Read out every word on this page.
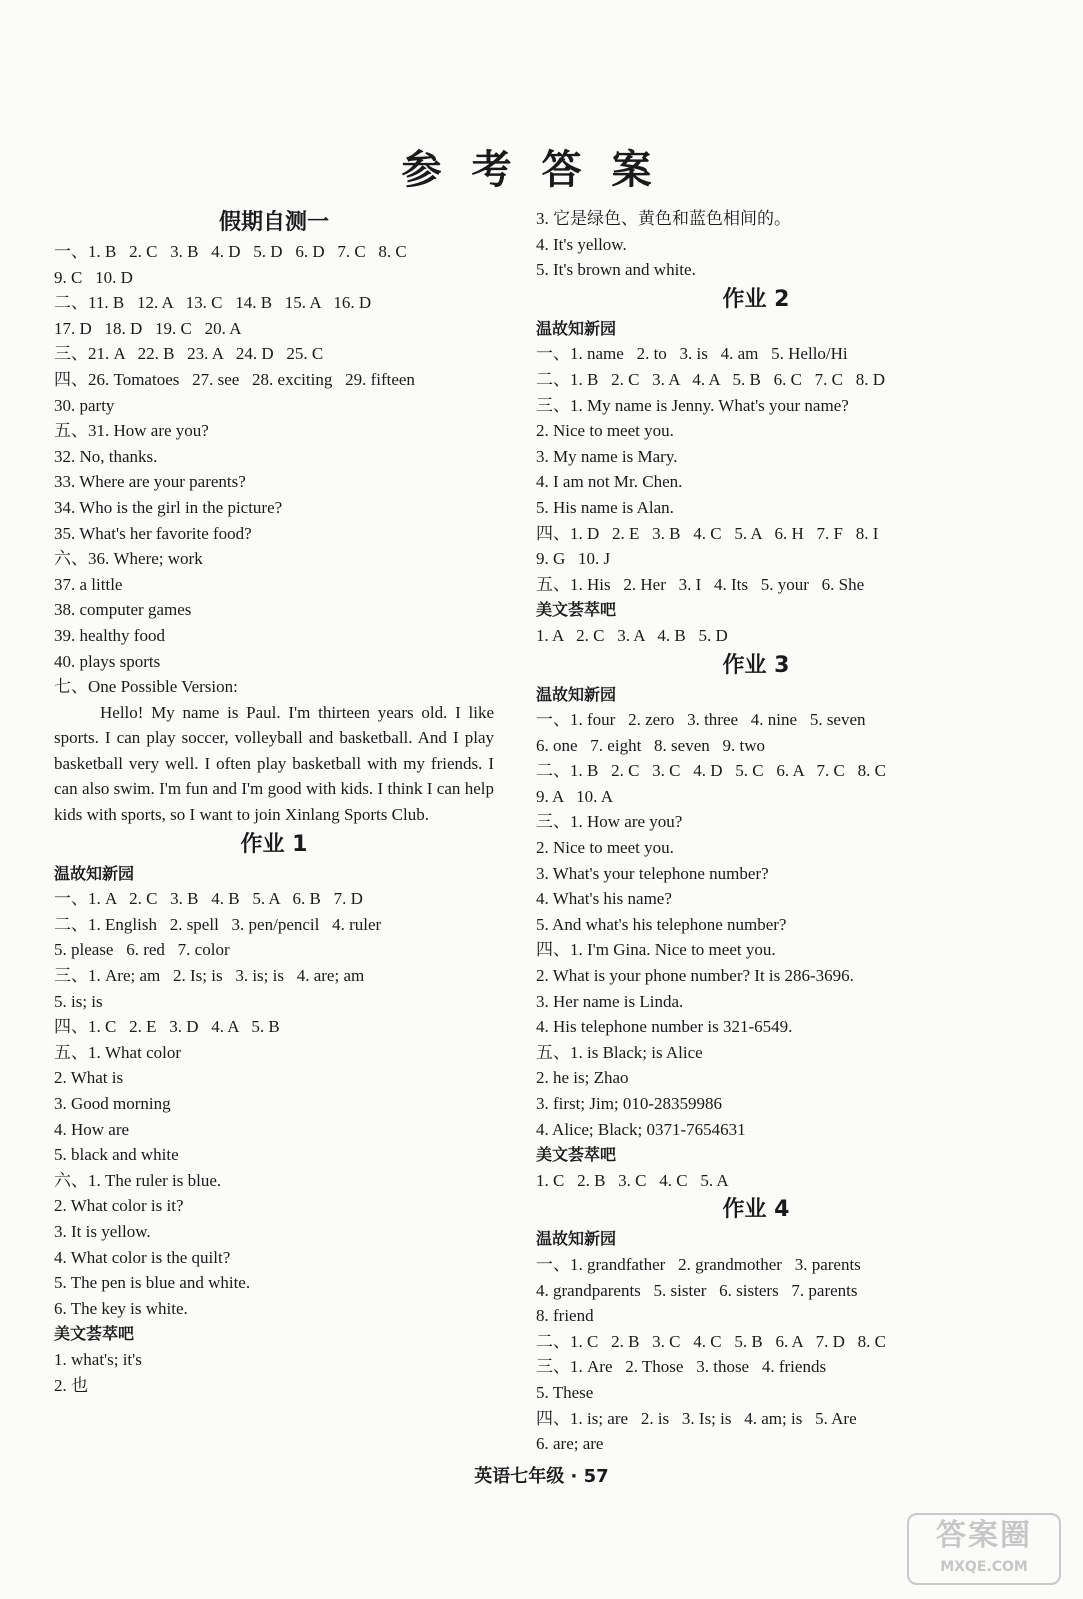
参考答案
假期自测一
一、1. B   2. C   3. B   4. D   5. D   6. D   7. C   8. C
9. C   10. D
二、11. B   12. A   13. C   14. B   15. A   16. D
17. D   18. D   19. C   20. A
三、21. A   22. B   23. A   24. D   25. C
四、26. Tomatoes   27. see   28. exciting   29. fifteen
30. party
五、31. How are you?
32. No, thanks.
33. Where are your parents?
34. Who is the girl in the picture?
35. What's her favorite food?
六、36. Where; work
37. a little
38. computer games
39. healthy food
40. plays sports
七、One Possible Version:
Hello! My name is Paul. I'm thirteen years old. I like sports. I can play soccer, volleyball and basketball. And I play basketball very well. I often play basketball with my friends. I can also swim. I'm fun and I'm good with kids. I think I can help kids with sports, so I want to join Xinlang Sports Club.
作业 1
温故知新园
一、1. A   2. C   3. B   4. B   5. A   6. B   7. D
二、1. English   2. spell   3. pen/pencil   4. ruler
5. please   6. red   7. color
三、1. Are; am   2. Is; is   3. is; is   4. are; am
5. is; is
四、1. C   2. E   3. D   4. A   5. B
五、1. What color
2. What is
3. Good morning
4. How are
5. black and white
六、1. The ruler is blue.
2. What color is it?
3. It is yellow.
4. What color is the quilt?
5. The pen is blue and white.
6. The key is white.
美文荟萃吧
1. what's; it's
2. 也
3. 它是绿色、黄色和蓝色相间的。
4. It's yellow.
5. It's brown and white.
作业 2
温故知新园
一、1. name   2. to   3. is   4. am   5. Hello/Hi
二、1. B   2. C   3. A   4. A   5. B   6. C   7. C   8. D
三、1. My name is Jenny. What's your name?
2. Nice to meet you.
3. My name is Mary.
4. I am not Mr. Chen.
5. His name is Alan.
四、1. D   2. E   3. B   4. C   5. A   6. H   7. F   8. I
9. G   10. J
五、1. His   2. Her   3. I   4. Its   5. your   6. She
美文荟萃吧
1. A   2. C   3. A   4. B   5. D
作业 3
温故知新园
一、1. four   2. zero   3. three   4. nine   5. seven
6. one   7. eight   8. seven   9. two
二、1. B   2. C   3. C   4. D   5. C   6. A   7. C   8. C
9. A   10. A
三、1. How are you?
2. Nice to meet you.
3. What's your telephone number?
4. What's his name?
5. And what's his telephone number?
四、1. I'm Gina. Nice to meet you.
2. What is your phone number? It is 286-3696.
3. Her name is Linda.
4. His telephone number is 321-6549.
五、1. is Black; is Alice
2. he is; Zhao
3. first; Jim; 010-28359986
4. Alice; Black; 0371-7654631
美文荟萃吧
1. C   2. B   3. C   4. C   5. A
作业 4
温故知新园
一、1. grandfather   2. grandmother   3. parents
4. grandparents   5. sister   6. sisters   7. parents
8. friend
二、1. C   2. B   3. C   4. C   5. B   6. A   7. D   8. C
三、1. Are   2. Those   3. those   4. friends
5. These
四、1. is; are   2. is   3. Is; is   4. am; is   5. Are
6. are; are
英语七年级 · 57
答案圈
MXQE.COM
